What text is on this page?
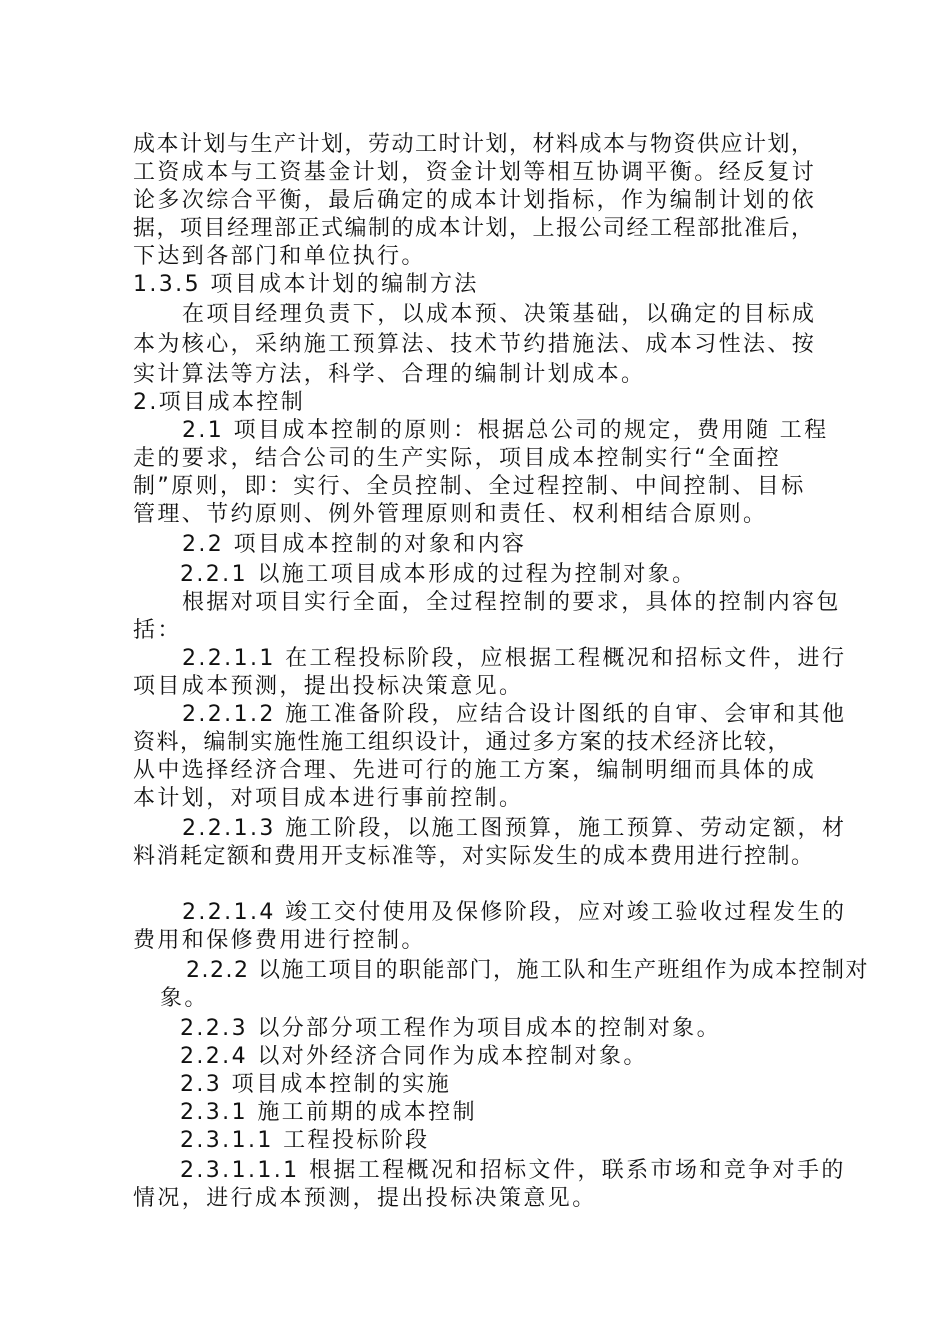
成本计划与生产计划，劳动工时计划，材料成本与物资供应计划，
工资成本与工资基金计划，资金计划等相互协调平衡。经反复讨
论多次综合平衡，最后确定的成本计划指标，作为编制计划的依
据，项目经理部正式编制的成本计划，上报公司经工程部批准后，
下达到各部门和单位执行。
1.3.5 项目成本计划的编制方法
在项目经理负责下，以成本预、决策基础，以确定的目标成
本为核心，采纳施工预算法、技术节约措施法、成本习性法、按
实计算法等方法，科学、合理的编制计划成本。
2.项目成本控制
2.1 项目成本控制的原则：根据总公司的规定，费用随 工程
走的要求，结合公司的生产实际，项目成本控制实行“全面控
制”原则，即：实行、全员控制、全过程控制、中间控制、目标
管理、节约原则、例外管理原则和责任、权利相结合原则。
2.2 项目成本控制的对象和内容
2.2.1 以施工项目成本形成的过程为控制对象。
根据对项目实行全面，全过程控制的要求，具体的控制内容包
括：
2.2.1.1 在工程投标阶段，应根据工程概况和招标文件，进行
项目成本预测，提出投标决策意见。
2.2.1.2 施工准备阶段，应结合设计图纸的自审、会审和其他
资料，编制实施性施工组织设计，通过多方案的技术经济比较，
从中选择经济合理、先进可行的施工方案，编制明细而具体的成
本计划，对项目成本进行事前控制。
2.2.1.3 施工阶段，以施工图预算，施工预算、劳动定额，材
料消耗定额和费用开支标准等，对实际发生的成本费用进行控制。
2.2.1.4 竣工交付使用及保修阶段，应对竣工验收过程发生的
费用和保修费用进行控制。
2.2.2 以施工项目的职能部门，施工队和生产班组作为成本控制对
象。
2.2.3 以分部分项工程作为项目成本的控制对象。
2.2.4 以对外经济合同作为成本控制对象。
2.3 项目成本控制的实施
2.3.1 施工前期的成本控制
2.3.1.1 工程投标阶段
2.3.1.1.1 根据工程概况和招标文件，联系市场和竞争对手的
情况，进行成本预测，提出投标决策意见。
